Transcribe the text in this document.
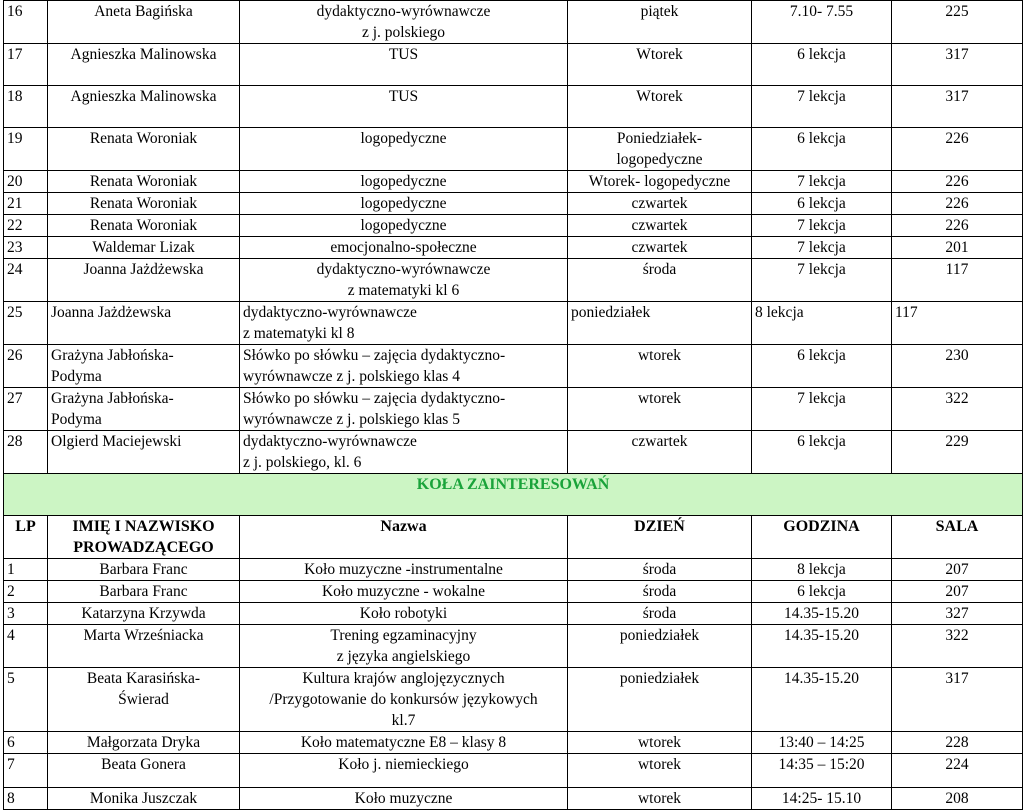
16	Aneta Bagińska	dydaktyczno-wyrównawcze
z j. polskiego	piątek	7.10- 7.55	225
17	Agnieszka Malinowska	TUS	Wtorek	6 lekcja	317
18	Agnieszka Malinowska	TUS	Wtorek	7 lekcja	317
19	Renata Woroniak	logopedyczne	Poniedziałek-
logopedyczne	6 lekcja	226
20	Renata Woroniak	logopedyczne	Wtorek- logopedyczne	7 lekcja	226
21	Renata Woroniak	logopedyczne	czwartek	6 lekcja	226
22	Renata Woroniak	logopedyczne	czwartek	7 lekcja	226
23	Waldemar Lizak	emocjonalno-społeczne	czwartek	7 lekcja	201
24	Joanna Jażdżewska	dydaktyczno-wyrównawcze
z matematyki kl 6	środa	7 lekcja	117
25	Joanna Jażdżewska	dydaktyczno-wyrównawcze
z matematyki kl 8	poniedziałek	8 lekcja	117
26	Grażyna Jabłońska-
Podyma	Słówko po słówku – zajęcia dydaktyczno-
wyrównawcze z j. polskiego klas 4	wtorek	6 lekcja	230
27	Grażyna Jabłońska-
Podyma	Słówko po słówku – zajęcia dydaktyczno-
wyrównawcze z j. polskiego klas 5	wtorek	7 lekcja	322
28	Olgierd Maciejewski	dydaktyczno-wyrównawcze
z j. polskiego, kl. 6	czwartek	6 lekcja	229
KOŁA ZAINTERESOWAŃ					
LP	IMIĘ I NAZWISKO
PROWADZĄCEGO	Nazwa	DZIEŃ	GODZINA	SALA
1	Barbara Franc	Koło muzyczne -instrumentalne	środa	8 lekcja	207
2	Barbara Franc	Koło muzyczne - wokalne	środa	6 lekcja	207
3	Katarzyna Krzywda	Koło robotyki	środa	14.35-15.20	327
4	Marta Wrześniacka	Trening egzaminacyjny
z języka angielskiego	poniedziałek	14.35-15.20	322
5	Beata Karasińska-
Świerad	Kultura krajów anglojęzycznych
/Przygotowanie do konkursów językowych
kl.7	poniedziałek	14.35-15.20	317
6	Małgorzata Dryka	Koło matematyczne E8 – klasy 8	wtorek	13:40 – 14:25	228
7	Beata Gonera	Koło j. niemieckiego	wtorek	14:35 – 15:20	224
8	Monika Juszczak	Koło muzyczne	wtorek	14:25- 15.10	208
